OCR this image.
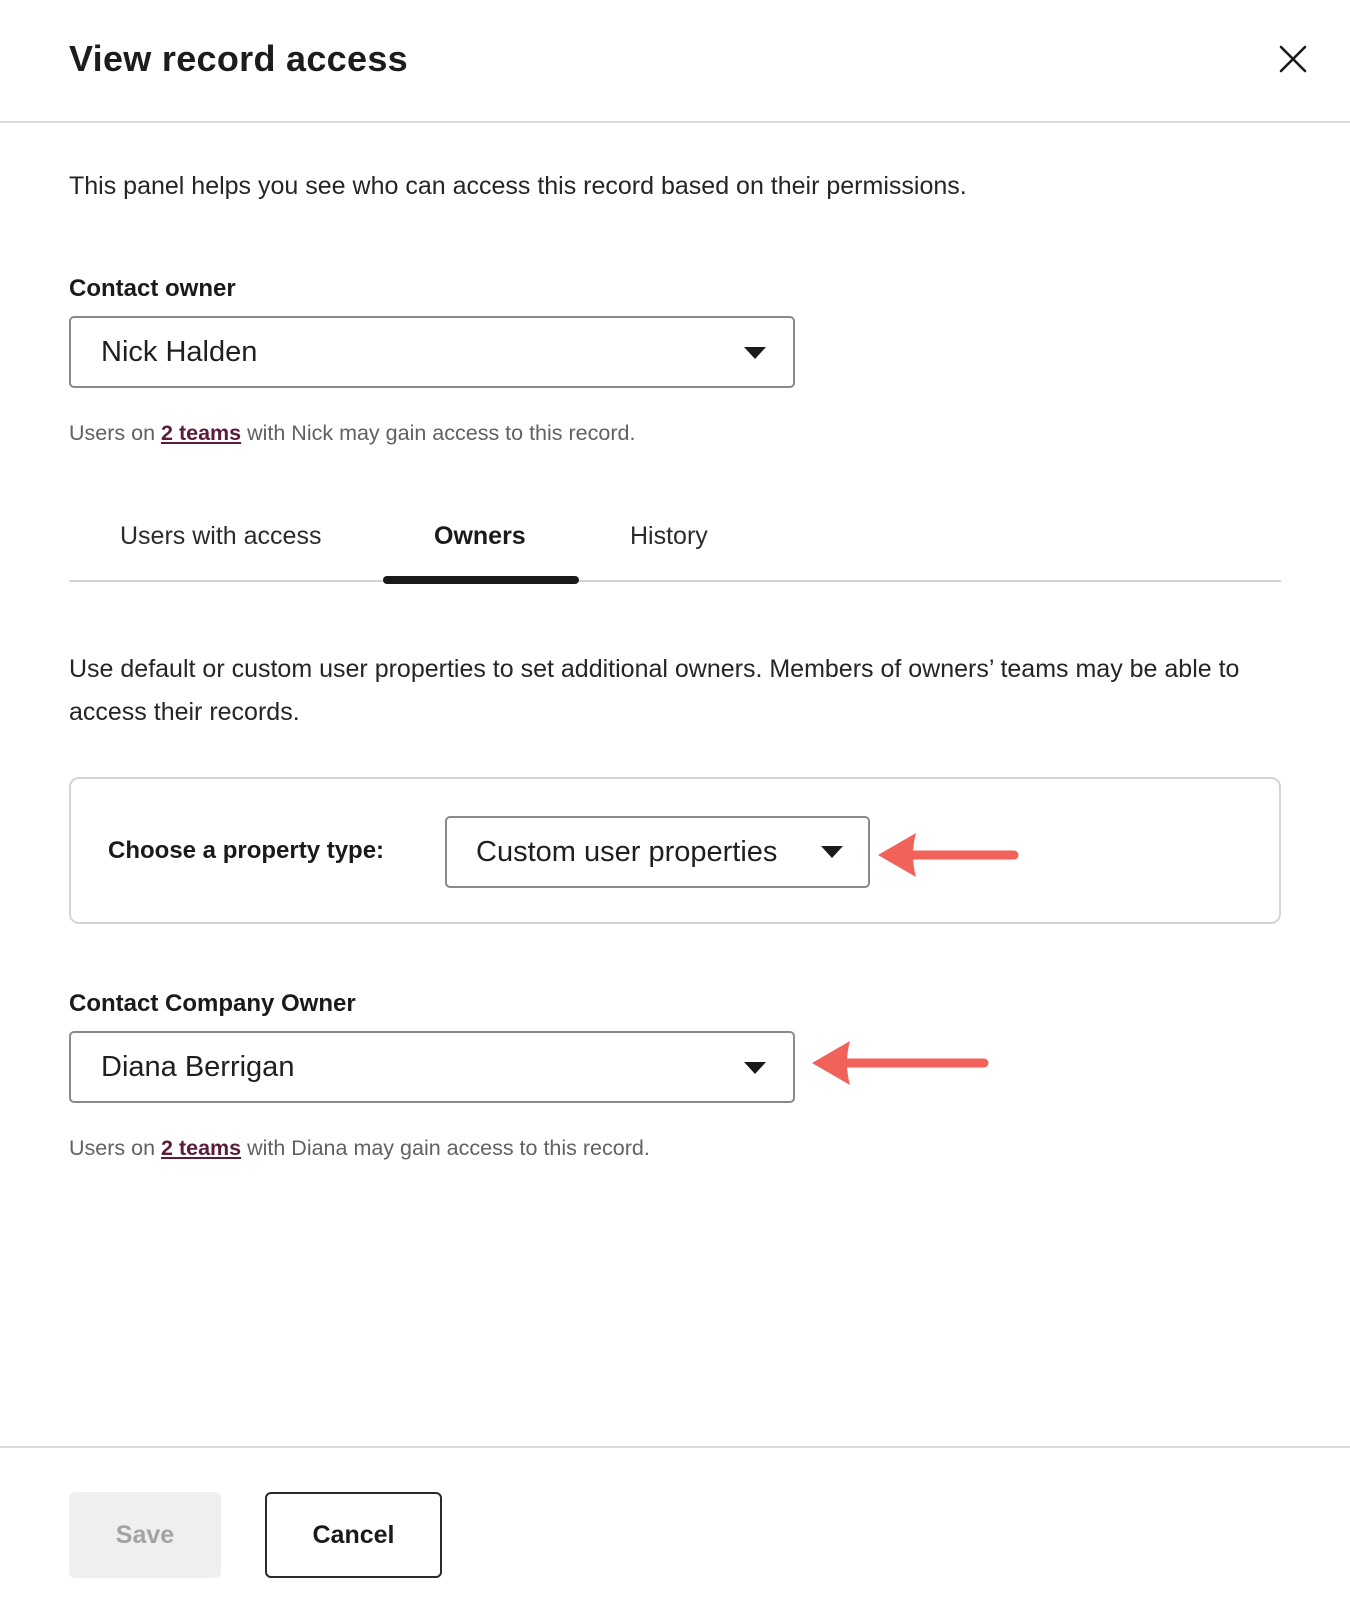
View record access
This panel helps you see who can access this record based on their permissions.
Contact owner
Nick Halden
Users on 2 teams with Nick may gain access to this record.
Users with access	Owners	History
Use default or custom user properties to set additional owners. Members of owners’ teams may be able to access their records.
Choose a property type:	Custom user properties
Contact Company Owner
Diana Berrigan
Users on 2 teams with Diana may gain access to this record.
Save	Cancel
